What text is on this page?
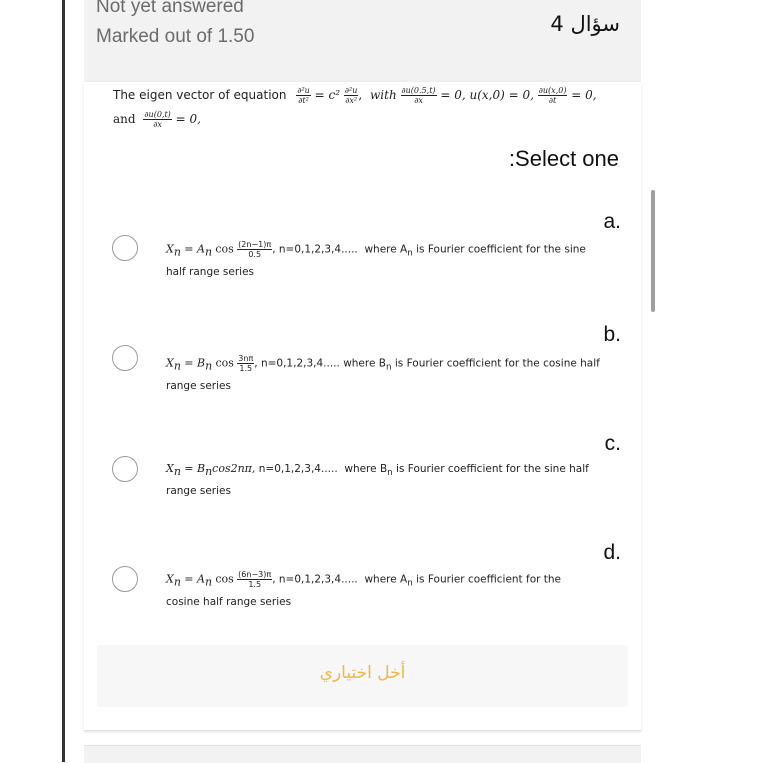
Not yet answered
Marked out of 1.50
سؤال 4
The eigen vector of equation $\frac{\text{∂²u}}{\text{∂t²}} = c^2 \frac{\text{∂²u}}{\text{∂x²}}$ , with $\frac{\partial u(0.5,t)}{\partial x} = 0$, u(x,0) = 0, $\frac{\partial u(x,0)}{\partial t} = 0$,
and $\frac{\partial u(0,t)}{\partial x} = 0$,
:Select one
a.
$X_n = A_n$ $\cos \frac{(2n-1)\pi}{0.5}$ , n=0,1,2,3,4..... where $A_n$ is Fourier coefficient for the sine
half range series
b.
$X_n = B_n$ $\cos \frac{3n\pi}{1.5}$ , n=0,1,2,3,4..... where $B_n$ is Fourier coefficient for the cosine half
range series
c.
$X_n = B_n\cos 2n\pi$, n=0,1,2,3,4..... where $B_n$ is Fourier coefficient for the sine half
range series
d.
$X_n = A_n$ $\cos \frac{(6n-3)\pi}{1.5}$ , n=0,1,2,3,4..... where $A_n$ is Fourier coefficient for the
cosine half range series
أخل اختياري
